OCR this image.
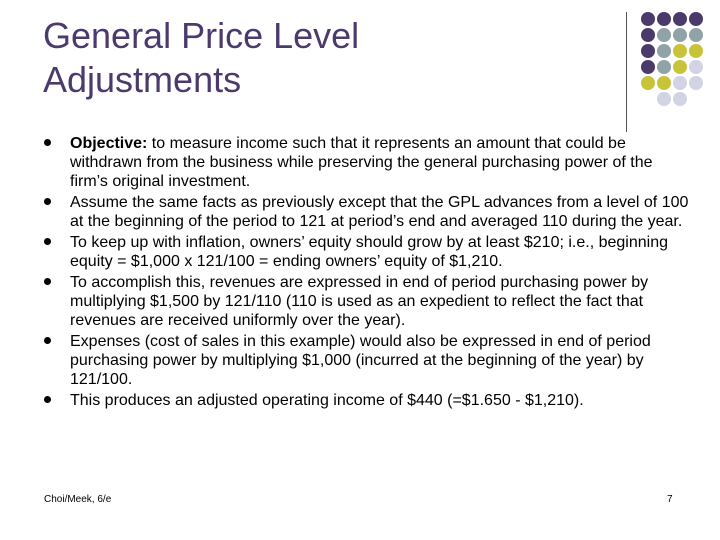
General Price Level
Adjustments
Objective: to measure income such that it represents an amount that could be withdrawn from the business while preserving the general purchasing power of the firm’s original investment.
Assume the same facts as previously except that the GPL advances from a level of 100 at the beginning of the period to 121 at period’s end and averaged 110 during the year.
To keep up with inflation, owners’ equity should grow by at least $210; i.e., beginning equity = $1,000 x 121/100 = ending owners’ equity of $1,210.
To accomplish this, revenues are expressed in end of period purchasing power by multiplying $1,500 by 121/110 (110 is used as an expedient to reflect the fact that revenues are received uniformly over the year).
Expenses (cost of sales in this example) would also be expressed in end of period purchasing power by multiplying $1,000 (incurred at the beginning of the year) by 121/100.
This produces an adjusted operating income of $440 (=$1.650 - $1,210).
Choi/Meek, 6/e	7
